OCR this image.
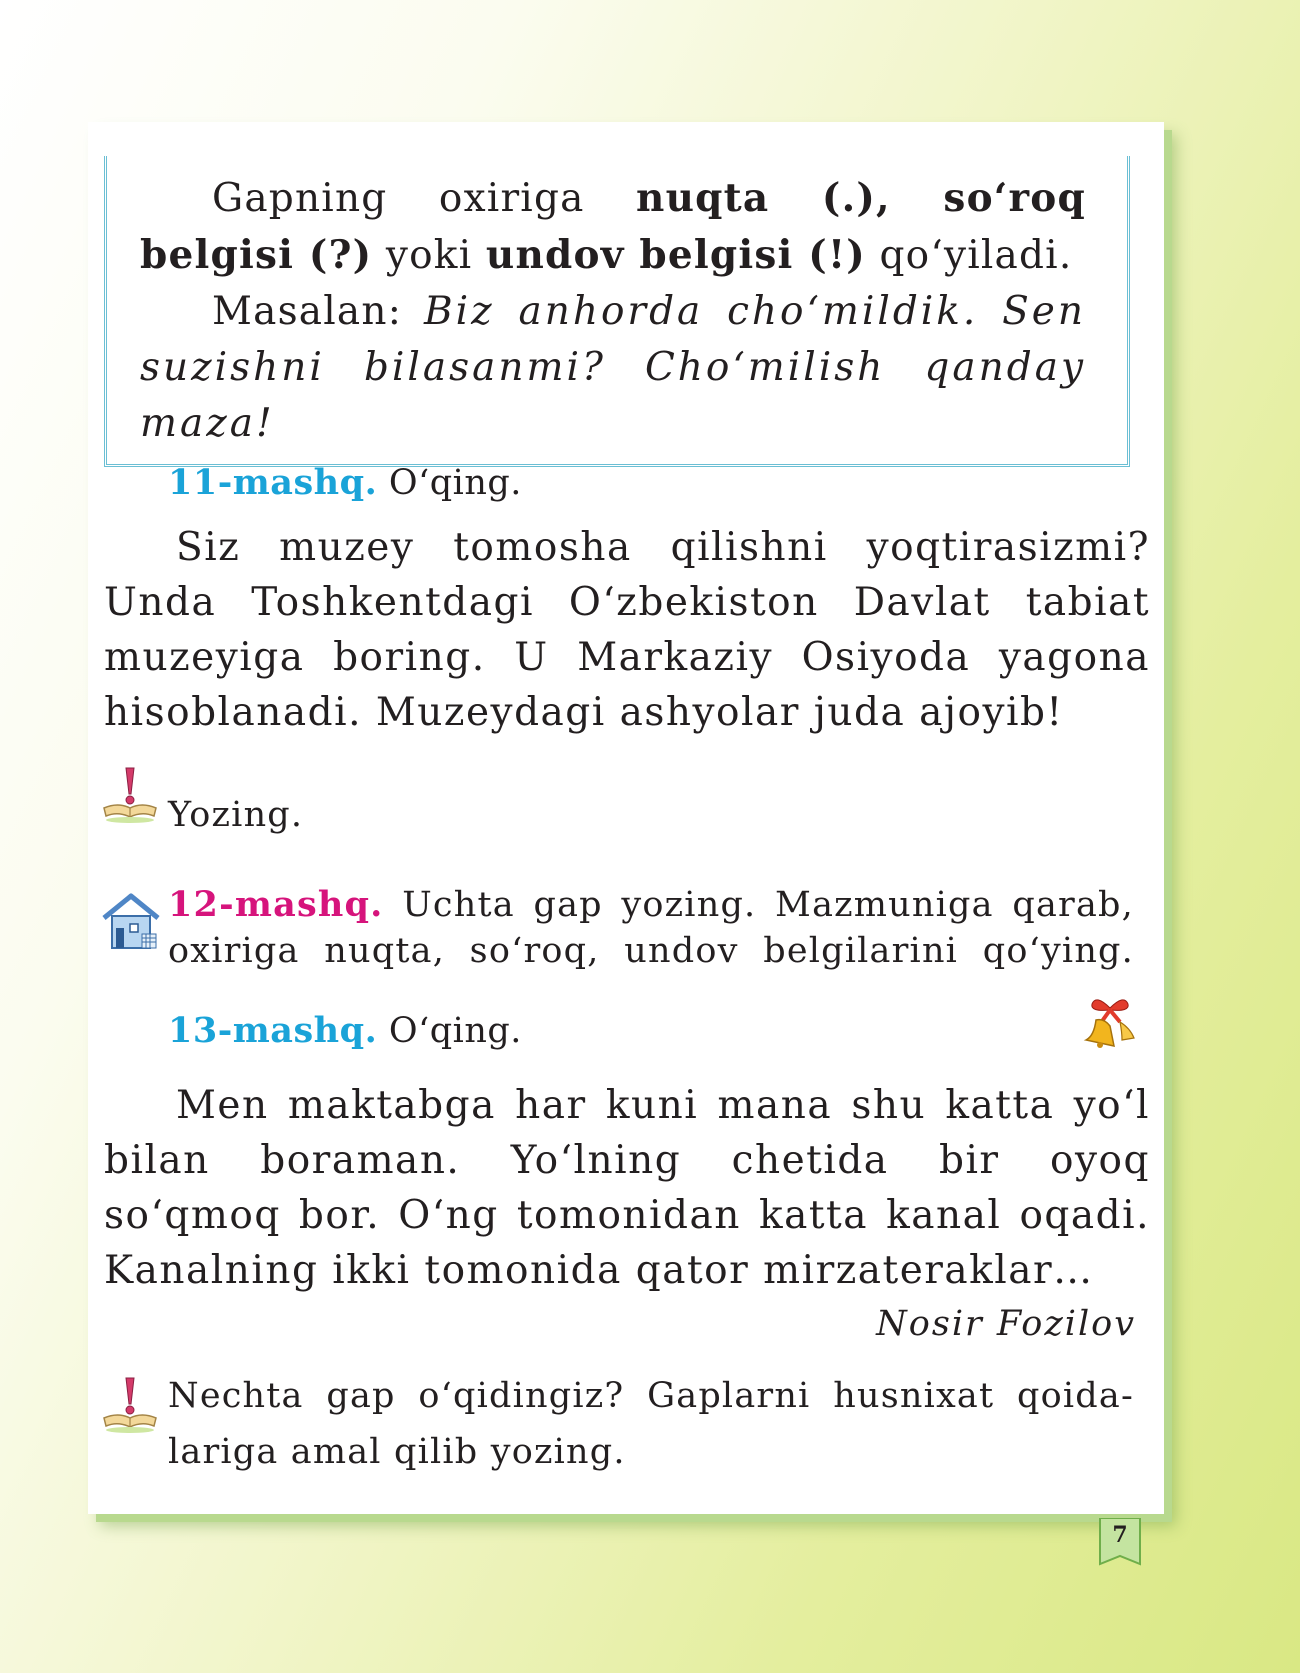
Gapning oxiriga nuqta (.), so‘roq belgisi (?) yoki undov belgisi (!) qo‘yiladi.

Masalan: Biz anhorda cho‘mildik. Sen suzishni bilasanmi? Cho‘milish qanday maza!

11-mashq. O‘qing.

Siz muzey tomosha qilishni yoqtirasizmi? Unda Toshkentdagi O‘zbekiston Davlat tabiat muzeyiga boring. U Markaziy Osiyoda yagona hisoblanadi. Muzeydagi ashyolar juda ajoyib!

Yozing.
12-mashq. Uchta gap yozing. Mazmuniga qarab,
oxiriga nuqta, so‘roq, undov belgilarini qo‘ying.
13-mashq. O‘qing.

Men maktabga har kuni mana shu katta yo‘l bilan boraman. Yo‘lning chetida bir oyoq so‘qmoq bor. O‘ng tomonidan katta kanal oqadi. Kanalning ikki tomonida qator mirzateraklar…

Nosir Fozilov
Nechta gap o‘qidingiz? Gaplarni husnixat qoida-
lariga amal qilib yozing.
7
